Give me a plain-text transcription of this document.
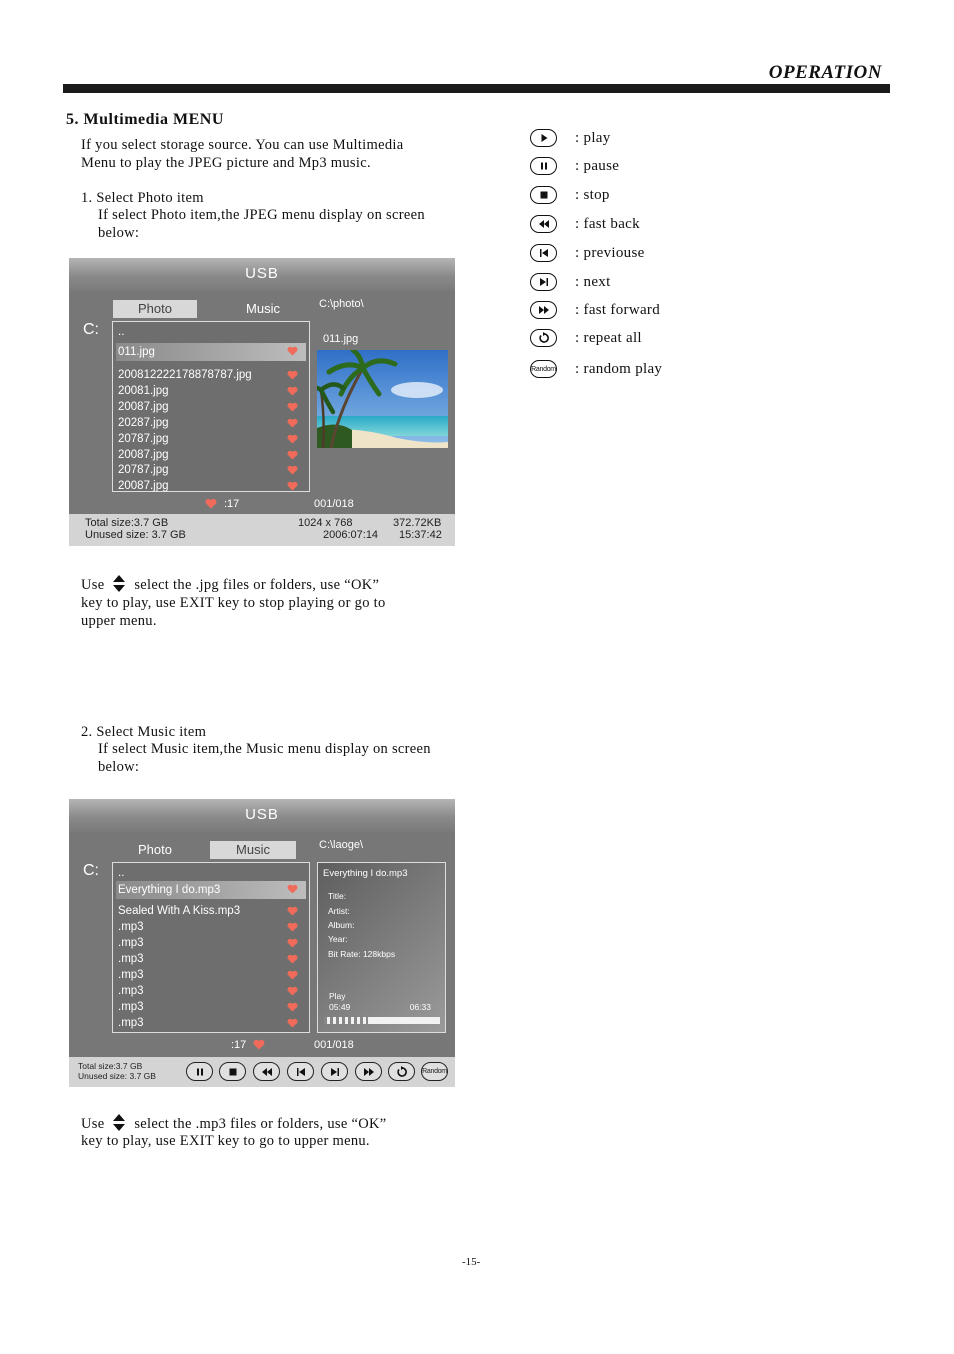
OPERATION
5. Multimedia MENU
If you select storage source. You can use Multimedia
Menu to play the JPEG picture and Mp3 music.
1. Select Photo item
If select Photo item,the JPEG menu display on screen
below:
USB
Photo	Music
C:
C:\photo\
..
011.jpg
200812222178878787.jpg
20081.jpg
20087.jpg
20287.jpg
20787.jpg
20087.jpg
20787.jpg
20087.jpg
011.jpg
:17	001/018
Total size:3.7 GB
Unused size: 3.7 GB
1024 x 768	372.72KB
2006:07:14 15:37:42
Use select the .jpg files or folders, use “OK”
key to play, use EXIT key to stop playing or go to
upper menu.
2. Select Music item
If select Music item,the Music menu display on screen
below:
USB
Photo	Music
C:
C:\laoge\
..
Everything I do.mp3
Sealed With A Kiss.mp3
.mp3
.mp3
.mp3
.mp3
.mp3
.mp3
.mp3
Everything I do.mp3
Title:
Artist:
Album:
Year:
Bit Rate: 128kbps
Play
05:49	06:33
:17	001/018
Total size:3.7 GB
Unused size: 3.7 GB	Random
Use select the .mp3 files or folders, use “OK”
key to play, use EXIT key to go to upper menu.
: play
: pause
: stop
: fast back
: previouse
: next
: fast forward
: repeat all
Random : random play
-15-
